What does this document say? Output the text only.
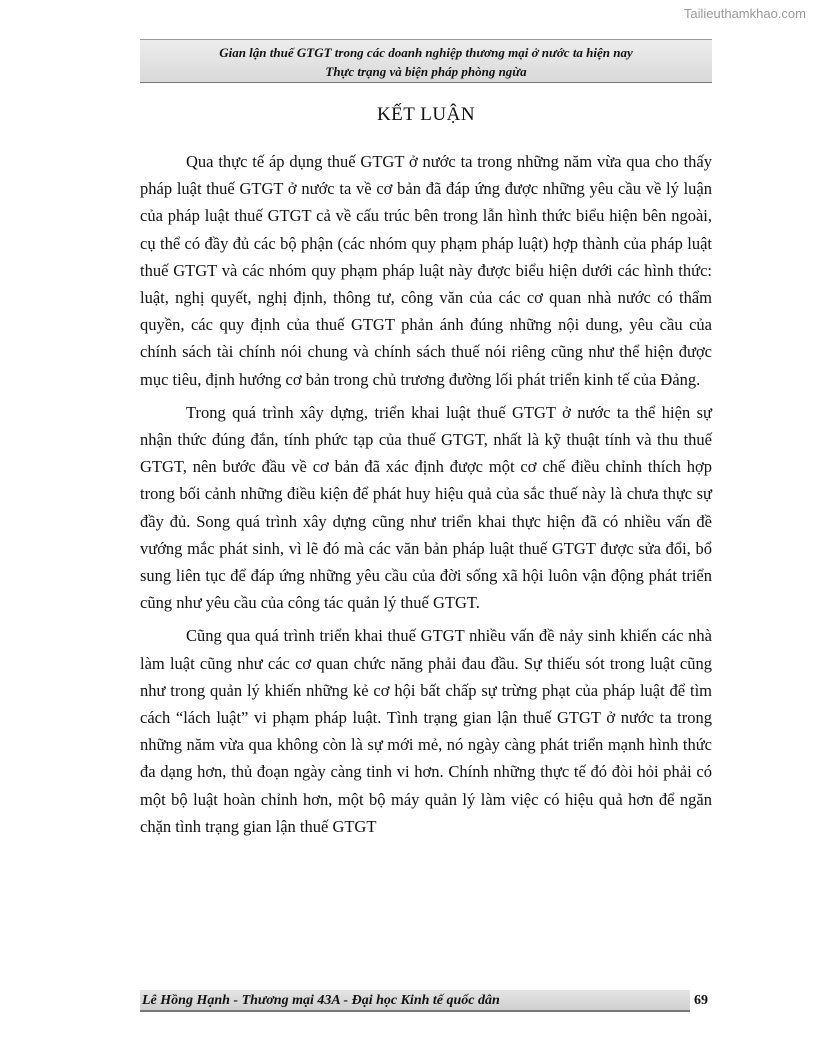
Tailieuthamkhao.com
Gian lận thuế GTGT trong các doanh nghiệp thương mại ở nước ta hiện nay
Thực trạng và biện pháp phòng ngừa
KẾT LUẬN

Qua thực tế áp dụng thuế GTGT ở nước ta trong những năm vừa qua cho thấy pháp luật thuế GTGT ở nước ta về cơ bản đã đáp ứng được những yêu cầu về lý luận của pháp luật thuế GTGT cả về cấu trúc bên trong lẫn hình thức biểu hiện bên ngoài, cụ thể có đầy đủ các bộ phận (các nhóm quy phạm pháp luật) hợp thành của pháp luật thuế GTGT và các nhóm quy phạm pháp luật này được biểu hiện dưới các hình thức: luật, nghị quyết, nghị định, thông tư, công văn của các cơ quan nhà nước có thẩm quyền, các quy định của thuế GTGT phản ánh đúng những nội dung, yêu cầu của chính sách tài chính nói chung và chính sách thuế nói riêng cũng như thể hiện được mục tiêu, định hướng cơ bản trong chủ trương đường lối phát triển kinh tế của Đảng.

Trong quá trình xây dựng, triển khai luật thuế GTGT ở nước ta thể hiện sự nhận thức đúng đắn, tính phức tạp của thuế GTGT, nhất là kỹ thuật tính và thu thuế GTGT, nên bước đầu về cơ bản đã xác định được một cơ chế điều chỉnh thích hợp trong bối cảnh những điều kiện để phát huy hiệu quả của sắc thuế này là chưa thực sự đầy đủ. Song quá trình xây dựng cũng như triển khai thực hiện đã có nhiều vấn đề vướng mắc phát sinh, vì lẽ đó mà các văn bản pháp luật thuế GTGT được sửa đổi, bổ sung liên tục để đáp ứng những yêu cầu của đời sống xã hội luôn vận động phát triển cũng như yêu cầu của công tác quản lý thuế GTGT.

Cũng qua quá trình triển khai thuế GTGT nhiều vấn đề nảy sinh khiến các nhà làm luật cũng như các cơ quan chức năng phải đau đầu. Sự thiếu sót trong luật cũng như trong quản lý khiến những kẻ cơ hội bất chấp sự trừng phạt của pháp luật để tìm cách “lách luật” vi phạm pháp luật. Tình trạng gian lận thuế GTGT ở nước ta trong những năm vừa qua không còn là sự mới mẻ, nó ngày càng phát triển mạnh hình thức đa dạng hơn, thủ đoạn ngày càng tinh vi hơn. Chính những thực tế đó đòi hỏi phải có một bộ luật hoàn chỉnh hơn, một bộ máy quản lý làm việc có hiệu quả hơn để ngăn chặn tình trạng gian lận thuế GTGT

Lê Hồng Hạnh - Thương mại 43A - Đại học Kinh tế quốc dân	69
